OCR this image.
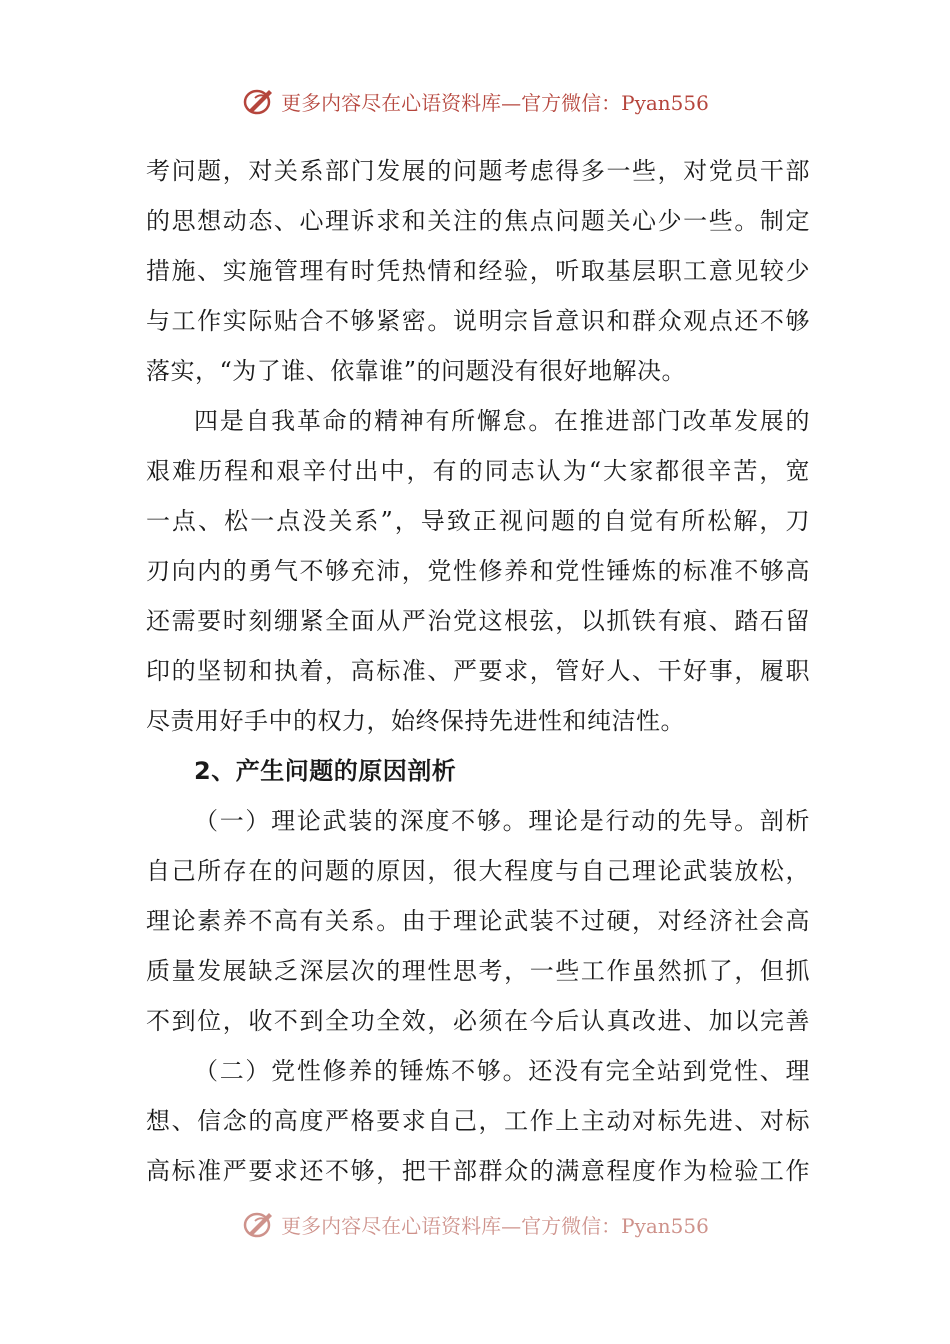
更多内容尽在心语资料库—官方微信：Pyan556
考问题，对关系部门发展的问题考虑得多一些，对党员干部
的思想动态、心理诉求和关注的焦点问题关心少一些。制定
措施、实施管理有时凭热情和经验，听取基层职工意见较少
与工作实际贴合不够紧密。说明宗旨意识和群众观点还不够
落实，“为了谁、依靠谁”的问题没有很好地解决。
四是自我革命的精神有所懈怠。在推进部门改革发展的
艰难历程和艰辛付出中，有的同志认为“大家都很辛苦，宽
一点、松一点没关系”，导致正视问题的自觉有所松解，刀
刃向内的勇气不够充沛，党性修养和党性锤炼的标准不够高
还需要时刻绷紧全面从严治党这根弦，以抓铁有痕、踏石留
印的坚韧和执着，高标准、严要求，管好人、干好事，履职
尽责用好手中的权力，始终保持先进性和纯洁性。
2、产生问题的原因剖析
（一）理论武装的深度不够。理论是行动的先导。剖析
自己所存在的问题的原因，很大程度与自己理论武装放松，
理论素养不高有关系。由于理论武装不过硬，对经济社会高
质量发展缺乏深层次的理性思考，一些工作虽然抓了，但抓
不到位，收不到全功全效，必须在今后认真改进、加以完善
（二）党性修养的锤炼不够。还没有完全站到党性、理
想、信念的高度严格要求自己，工作上主动对标先进、对标
高标准严要求还不够，把干部群众的满意程度作为检验工作
更多内容尽在心语资料库—官方微信：Pyan556
